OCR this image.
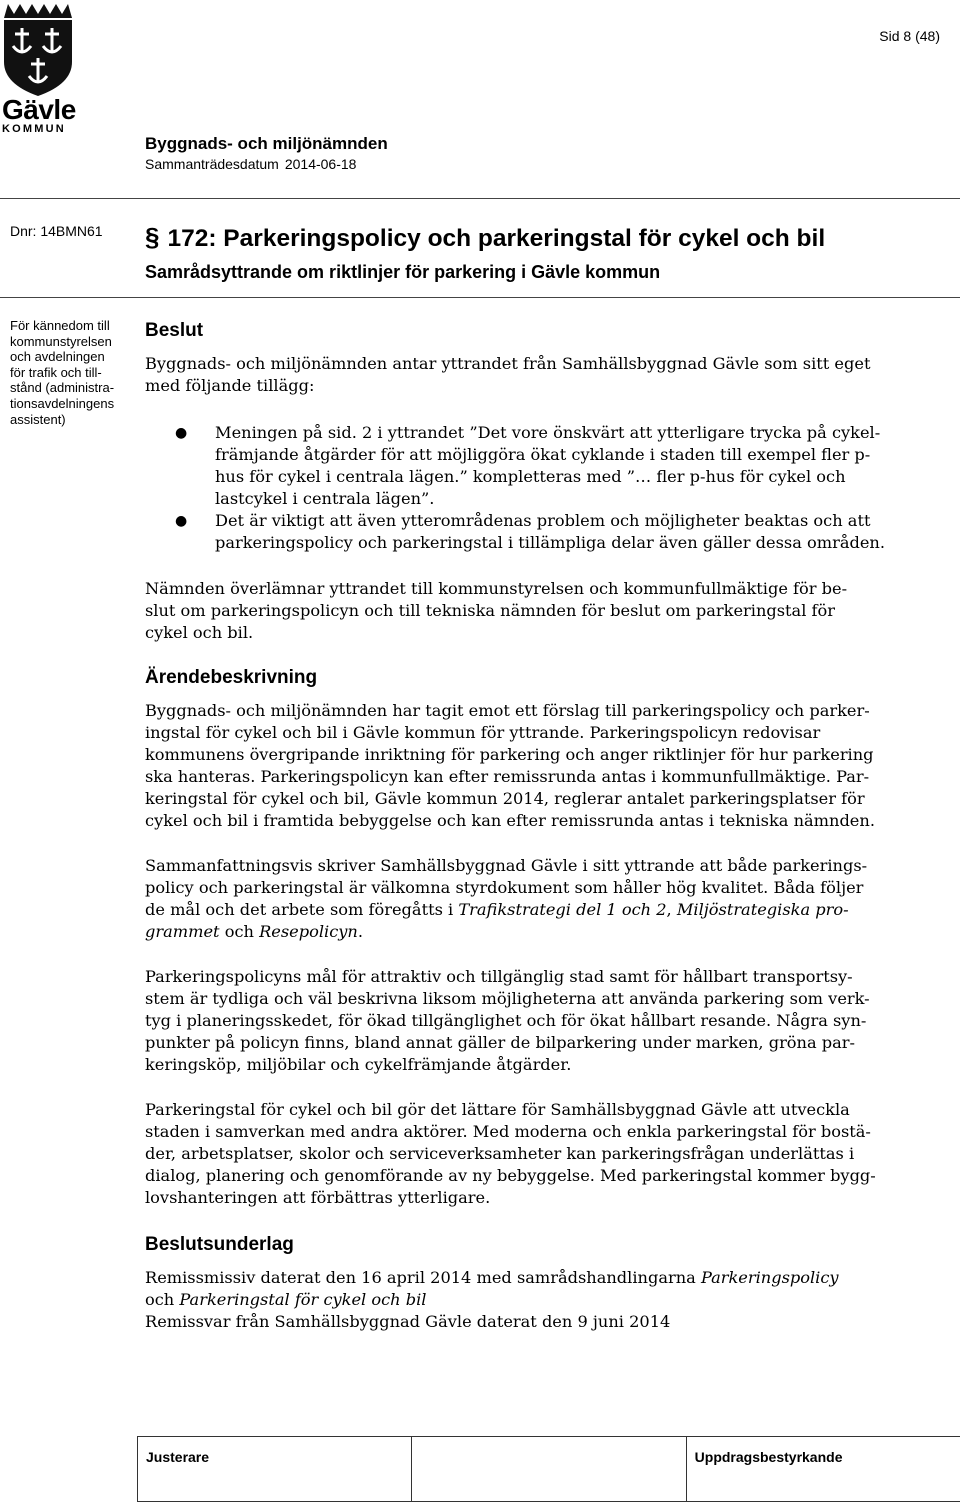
Gävle
KOMMUN
Sid 8 (48)
Byggnads- och miljönämnden
Sammanträdesdatum 2014-06-18
Dnr: 14BMN61 § 172: Parkeringspolicy och parkeringstal för cykel och bil
Samrådsyttrande om riktlinjer för parkering i Gävle kommun
För kännedom till
kommunstyrelsen
och avdelningen
för trafik och till-
stånd (administra-
tionsavdelningens
assistent)
Beslut
Byggnads- och miljönämnden antar yttrandet från Samhällsbyggnad Gävle som sitt eget
med följande tillägg:
● Meningen på sid. 2 i yttrandet ”Det vore önskvärt att ytterligare trycka på cykel-
främjande åtgärder för att möjliggöra ökat cyklande i staden till exempel fler p-
hus för cykel i centrala lägen.” kompletteras med ”… fler p-hus för cykel och
lastcykel i centrala lägen”.
● Det är viktigt att även ytterområdenas problem och möjligheter beaktas och att
parkeringspolicy och parkeringstal i tillämpliga delar även gäller dessa områden.
Nämnden överlämnar yttrandet till kommunstyrelsen och kommunfullmäktige för be-
slut om parkeringspolicyn och till tekniska nämnden för beslut om parkeringstal för
cykel och bil.
Ärendebeskrivning
Byggnads- och miljönämnden har tagit emot ett förslag till parkeringspolicy och parker-
ingstal för cykel och bil i Gävle kommun för yttrande. Parkeringspolicyn redovisar
kommunens övergripande inriktning för parkering och anger riktlinjer för hur parkering
ska hanteras. Parkeringspolicyn kan efter remissrunda antas i kommunfullmäktige. Par-
keringstal för cykel och bil, Gävle kommun 2014, reglerar antalet parkeringsplatser för
cykel och bil i framtida bebyggelse och kan efter remissrunda antas i tekniska nämnden.
Sammanfattningsvis skriver Samhällsbyggnad Gävle i sitt yttrande att både parkerings-
policy och parkeringstal är välkomna styrdokument som håller hög kvalitet. Båda följer
de mål och det arbete som föregåtts i Trafikstrategi del 1 och 2, Miljöstrategiska pro-
grammet och Resepolicyn.
Parkeringspolicyns mål för attraktiv och tillgänglig stad samt för hållbart transportsy-
stem är tydliga och väl beskrivna liksom möjligheterna att använda parkering som verk-
tyg i planeringsskedet, för ökad tillgänglighet och för ökat hållbart resande. Några syn-
punkter på policyn finns, bland annat gäller de bilparkering under marken, gröna par-
keringsköp, miljöbilar och cykelfrämjande åtgärder.
Parkeringstal för cykel och bil gör det lättare för Samhällsbyggnad Gävle att utveckla
staden i samverkan med andra aktörer. Med moderna och enkla parkeringstal för bostä-
der, arbetsplatser, skolor och serviceverksamheter kan parkeringsfrågan underlättas i
dialog, planering och genomförande av ny bebyggelse. Med parkeringstal kommer bygg-
lovshanteringen att förbättras ytterligare.
Beslutsunderlag
Remissmissiv daterat den 16 april 2014 med samrådshandlingarna Parkeringspolicy
och Parkeringstal för cykel och bil
Remissvar från Samhällsbyggnad Gävle daterat den 9 juni 2014
Justerare	Uppdragsbestyrkande
